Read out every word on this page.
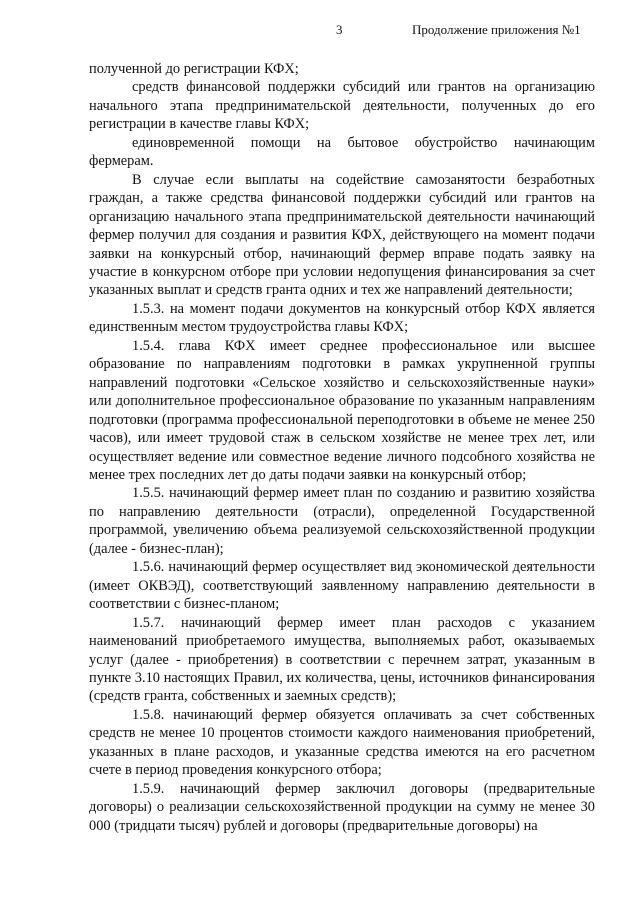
3	Продолжение приложения №1

полученной до регистрации КФХ;

средств финансовой поддержки субсидий или грантов на организацию начального этапа предпринимательской деятельности, полученных до его регистрации в качестве главы КФХ;

единовременной помощи на бытовое обустройство начинающим фермерам.

В случае если выплаты на содействие самозанятости безработных граждан, а также средства финансовой поддержки субсидий или грантов на организацию начального этапа предпринимательской деятельности начинающий фермер получил для создания и развития КФХ, действующего на момент подачи заявки на конкурсный отбор, начинающий фермер вправе подать заявку на участие в конкурсном отборе при условии недопущения финансирования за счет указанных выплат и средств гранта одних и тех же направлений деятельности;

1.5.3. на момент подачи документов на конкурсный отбор КФХ является единственным местом трудоустройства главы КФХ;

1.5.4. глава КФХ имеет среднее профессиональное или высшее образование по направлениям подготовки в рамках укрупненной группы направлений подготовки «Сельское хозяйство и сельскохозяйственные науки» или дополнительное профессиональное образование по указанным направлениям подготовки (программа профессиональной переподготовки в объеме не менее 250 часов), или имеет трудовой стаж в сельском хозяйстве не менее трех лет, или осуществляет ведение или совместное ведение личного подсобного хозяйства не менее трех последних лет до даты подачи заявки на конкурсный отбор;

1.5.5. начинающий фермер имеет план по созданию и развитию хозяйства по направлению деятельности (отрасли), определенной Государственной программой, увеличению объема реализуемой сельскохозяйственной продукции (далее - бизнес-план);

1.5.6. начинающий фермер осуществляет вид экономической деятельности (имеет ОКВЭД), соответствующий заявленному направлению деятельности в соответствии с бизнес-планом;

1.5.7. начинающий фермер имеет план расходов с указанием наименований приобретаемого имущества, выполняемых работ, оказываемых услуг (далее - приобретения) в соответствии с перечнем затрат, указанным в пункте 3.10 настоящих Правил, их количества, цены, источников финансирования (средств гранта, собственных и заемных средств);

1.5.8. начинающий фермер обязуется оплачивать за счет собственных средств не менее 10 процентов стоимости каждого наименования приобретений, указанных в плане расходов, и указанные средства имеются на его расчетном счете в период проведения конкурсного отбора;

1.5.9. начинающий фермер заключил договоры (предварительные договоры) о реализации сельскохозяйственной продукции на сумму не менее 30 000 (тридцати тысяч) рублей и договоры (предварительные договоры) на
